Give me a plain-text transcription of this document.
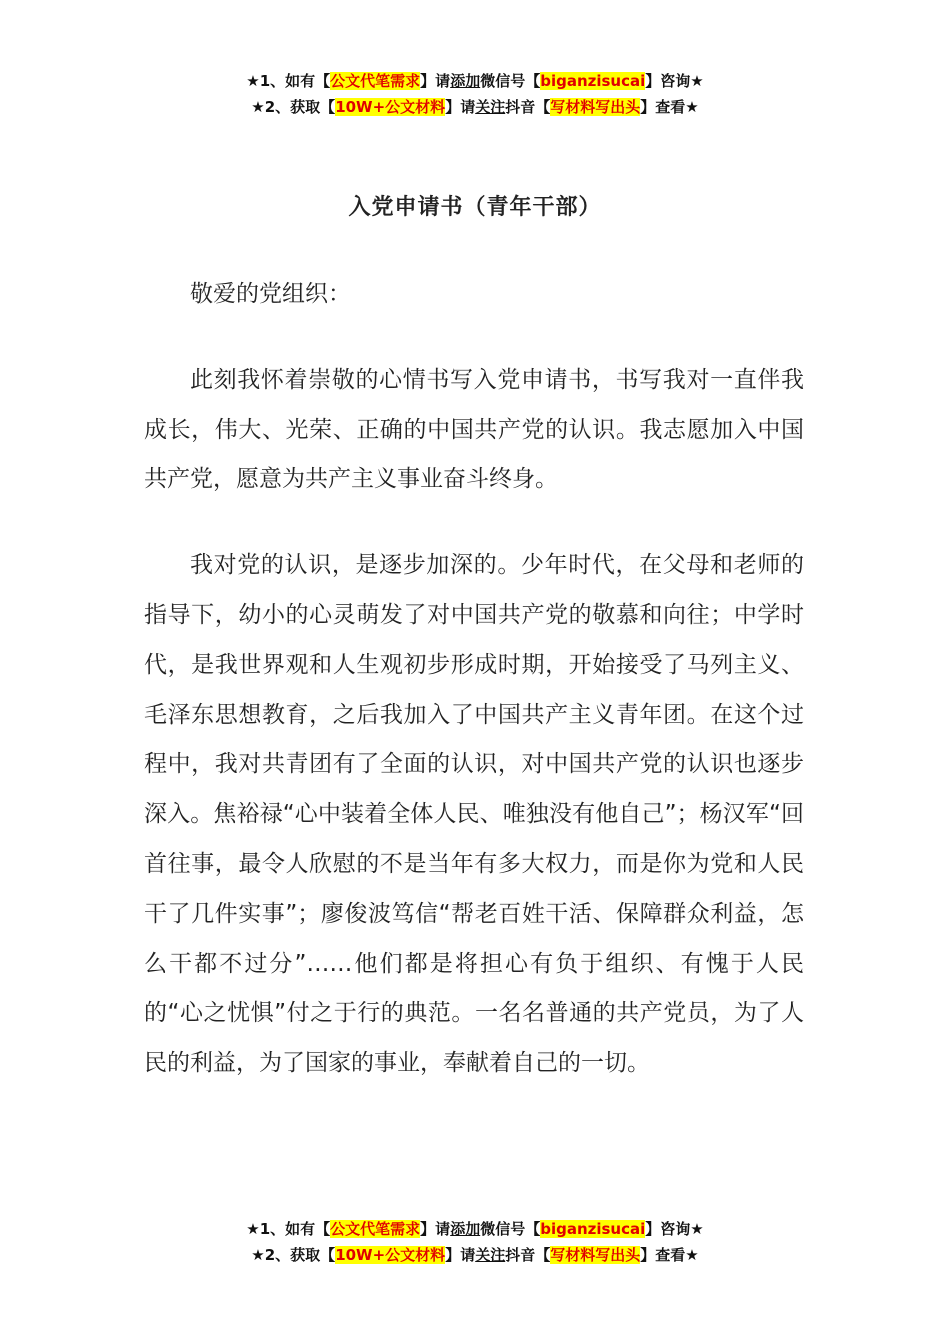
★1、如有【公文代笔需求】请添加微信号【biganzisucai】咨询★
★2、获取【10W+公文材料】请关注抖音【写材料写出头】查看★
入党申请书（青年干部）

敬爱的党组织：

此刻我怀着崇敬的心情书写入党申请书，书写我对一直伴我成长，伟大、光荣、正确的中国共产党的认识。我志愿加入中国共产党，愿意为共产主义事业奋斗终身。

我对党的认识，是逐步加深的。少年时代，在父母和老师的指导下，幼小的心灵萌发了对中国共产党的敬慕和向往；中学时代，是我世界观和人生观初步形成时期，开始接受了马列主义、毛泽东思想教育，之后我加入了中国共产主义青年团。在这个过程中，我对共青团有了全面的认识，对中国共产党的认识也逐步深入。焦裕禄“心中装着全体人民、唯独没有他自己”；杨汉军“回首往事，最令人欣慰的不是当年有多大权力，而是你为党和人民干了几件实事”；廖俊波笃信“帮老百姓干活、保障群众利益，怎么干都不过分”……他们都是将担心有负于组织、有愧于人民的“心之忧惧”付之于行的典范。一名名普通的共产党员，为了人民的利益，为了国家的事业，奉献着自己的一切。

★1、如有【公文代笔需求】请添加微信号【biganzisucai】咨询★
★2、获取【10W+公文材料】请关注抖音【写材料写出头】查看★
